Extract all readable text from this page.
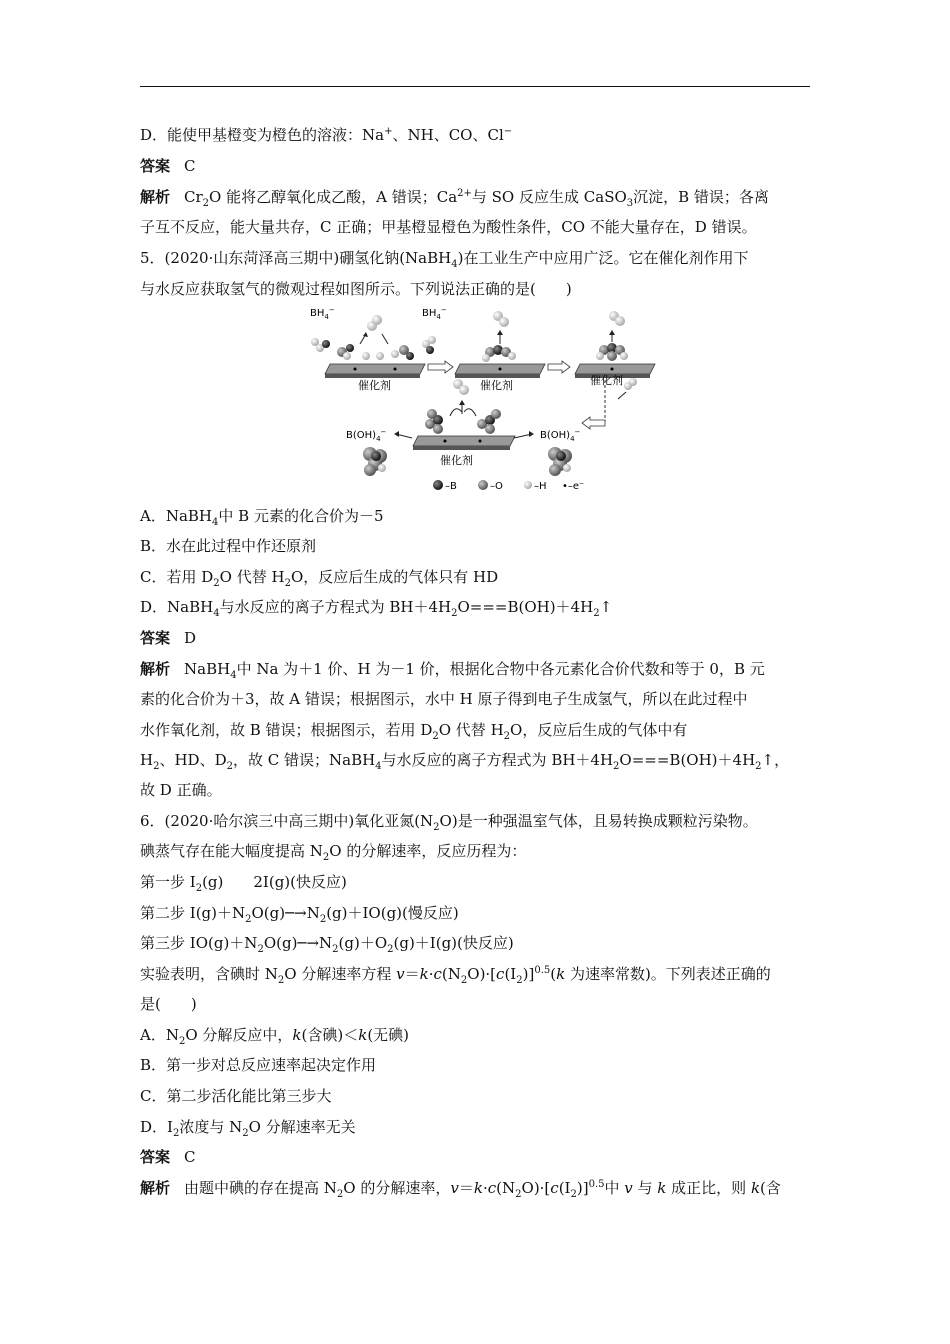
D．能使甲基橙变为橙色的溶液：Na+、NH、CO、Cl−
答案 C
解析 $Cr_2O$ 能将乙醇氧化成乙酸，A 错误；$Ca^{2+}$与 SO 反应生成 CaSO$_3$沉淀，B 错误；各离
子互不反应，能大量共存，C 正确；甲基橙显橙色为酸性条件，CO 不能大量存在，D 错误。
5．(2020·山东菏泽高三期中)硼氢化钠(NaBH$_4$)在工业生产中应用广泛。它在催化剂作用下
与水反应获取氢气的微观过程如图所示。下列说法正确的是(　　)
催化剂
$BH_4^-$	$BH_4^-$
催化剂	催化剂
催化剂
$B(OH)_4^-$	$B(OH)_4^-$
–B	–O	–H •–e⁻
A．NaBH$_4$中 B 元素的化合价为－5
B．水在此过程中作还原剂
C．若用 $D_2O$ 代替 $H_2O$，反应后生成的气体只有 HD
D．NaBH$_4$与水反应的离子方程式为 $BH+4H_2O===B(OH)+4H_2↑$
答案 D
解析 NaBH$_4$中 Na 为＋1 价、H 为－1 价，根据化合物中各元素化合价代数和等于 0，B 元
素的化合价为＋3，故 A 错误；根据图示，水中 H 原子得到电子生成氢气，所以在此过程中
水作氧化剂，故 B 错误；根据图示，若用 $D_2O$ 代替 $H_2O$，反应后生成的气体中有
$H_2$、HD、$D_2$，故 C 错误；NaBH$_4$与水反应的离子方程式为 $BH+4H_2O===B(OH)+4H_2↑$，
故 D 正确。
6．(2020·哈尔滨三中高三期中)氧化亚氮$(N_2O)$是一种强温室气体，且易转换成颗粒污染物。
碘蒸气存在能大幅度提高 $N_2O$ 的分解速率，反应历程为：
第一步 $I_2(g)$　　2I(g)(快反应)
第二步 $I(g)+N_2O(g)─\to N_2(g)+IO(g)$(慢反应)
第三步 $IO(g)+N_2O(g)─\to N_2(g)+O_2(g)+I(g)$(快反应)
实验表明，含碘时 $N_2O$ 分解速率方程 $v=k\cdot c(N_2O)\cdot[c(I_2)]^{0.5}(k$ 为速率常数)。下列表述正确的
是(　　)
A．$N_2O$ 分解反应中，k(含碘)＜k(无碘)
B．第一步对总反应速率起决定作用
C．第二步活化能比第三步大
D．$I_2$浓度与 $N_2O$ 分解速率无关
答案 C
解析 由题中碘的存在提高 $N_2O$ 的分解速率，$v=k\cdot c(N_2O)\cdot[c(I_2)]^{0.5}$中 v 与 k 成正比，则 k(含
